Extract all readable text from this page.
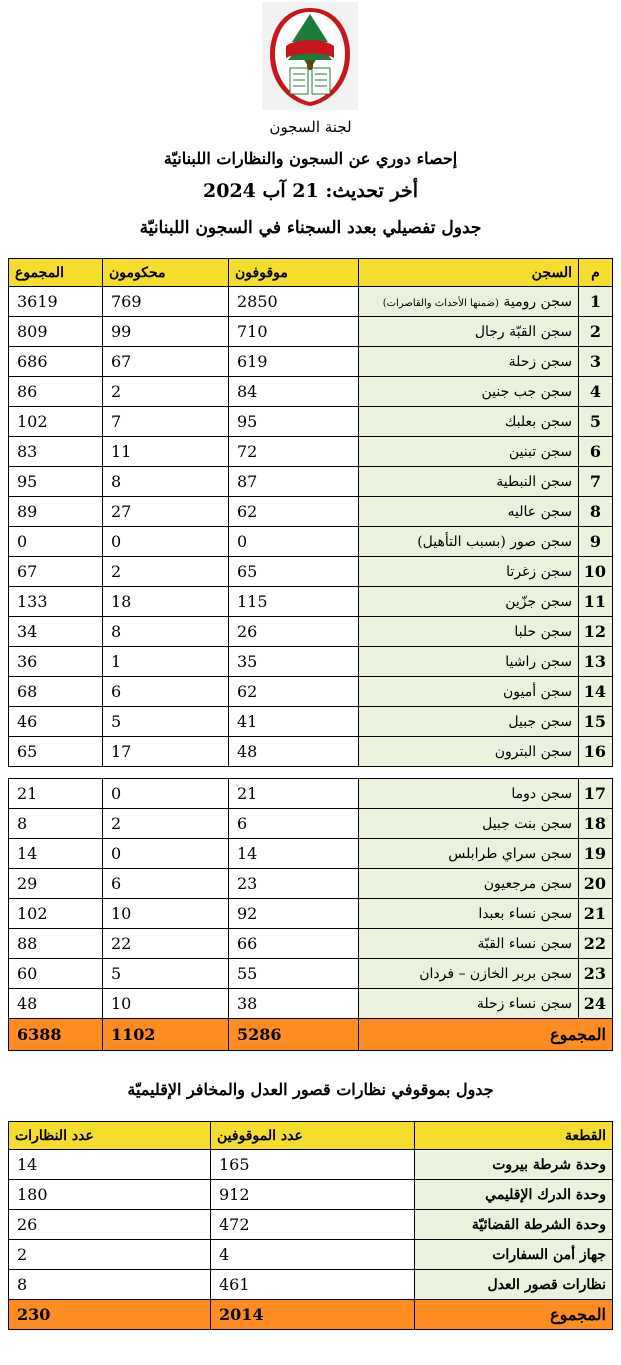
لجنة السجون
إحصاء دوري عن السجون والنظارات اللبنانيّة
أخر تحديث: 21 آب 2024
جدول تفصيلي بعدد السجناء في السجون اللبنانيّة
م	السجن	موقوفون	محكومون	المجموع
1	سجن رومية (ضمنها الأحداث والقاصرات)	2850	769	3619
2	سجن القبّة رجال	710	99	809
3	سجن زحلة	619	67	686
4	سجن جب جنين	84	2	86
5	سجن بعلبك	95	7	102
6	سجن تبنين	72	11	83
7	سجن النبطية	87	8	95
8	سجن عاليه	62	27	89
9	سجن صور (بسبب التأهيل)	0	0	0
10	سجن زغرتا	65	2	67
11	سجن جزّين	115	18	133
12	سجن حلبا	26	8	34
13	سجن راشيا	35	1	36
14	سجن أميون	62	6	68
15	سجن جبيل	41	5	46
16	سجن البترون	48	17	65

17	سجن دوما	21	0	21
18	سجن بنت جبيل	6	2	8
19	سجن سراي طرابلس	14	0	14
20	سجن مرجعيون	23	6	29
21	سجن نساء بعبدا	92	10	102
22	سجن نساء القبّة	66	22	88
23	سجن بربر الخازن – فردان	55	5	60
24	سجن نساء زحلة	38	10	48
المجموع		5286	1102	6388
جدول بموقوفي نظارات قصور العدل والمخافر الإقليميّة
القطعة	عدد الموقوفين	عدد النظارات
وحدة شرطة بيروت	165	14
وحدة الدرك الإقليمي	912	180
وحدة الشرطة القضائيّة	472	26
جهاز أمن السفارات	4	2
نظارات قصور العدل	461	8
المجموع	2014	230
